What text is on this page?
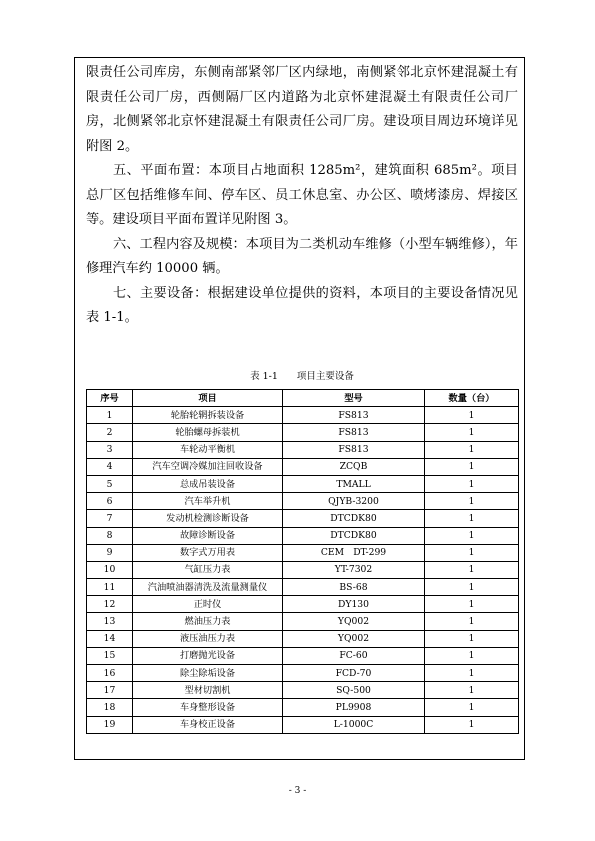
限责任公司库房，东侧南部紧邻厂区内绿地，南侧紧邻北京怀建混凝土有限责任公司厂房，西侧隔厂区内道路为北京怀建混凝土有限责任公司厂房，北侧紧邻北京怀建混凝土有限责任公司厂房。建设项目周边环境详见附图 2。

五、平面布置：本项目占地面积 1285m²，建筑面积 685m²。项目总厂区包括维修车间、停车区、员工休息室、办公区、喷烤漆房、焊接区等。建设项目平面布置详见附图 3。

六、工程内容及规模：本项目为二类机动车维修（小型车辆维修），年修理汽车约 10000 辆。

七、主要设备：根据建设单位提供的资料，本项目的主要设备情况见表 1-1。

表 1-1　　项目主要设备
序号	项目	型号	数量（台）
1	轮胎轮辋拆装设备	FS813	1
2	轮胎螺母拆装机	FS813	1
3	车轮动平衡机	FS813	1
4	汽车空调冷媒加注回收设备	ZCQB	1
5	总成吊装设备	TMALL	1
6	汽车举升机	QJYB-3200	1
7	发动机检测诊断设备	DTCDK80	1
8	故障诊断设备	DTCDK80	1
9	数字式万用表	CEM　DT-299	1
10	气缸压力表	YT-7302	1
11	汽油喷油器清洗及流量测量仪	BS-68	1
12	正时仪	DY130	1
13	燃油压力表	YQ002	1
14	液压油压力表	YQ002	1
15	打磨抛光设备	FC-60	1
16	除尘除垢设备	FCD-70	1
17	型材切割机	SQ-500	1
18	车身整形设备	PL9908	1
19	车身校正设备	L-1000C	1
- 3 -
